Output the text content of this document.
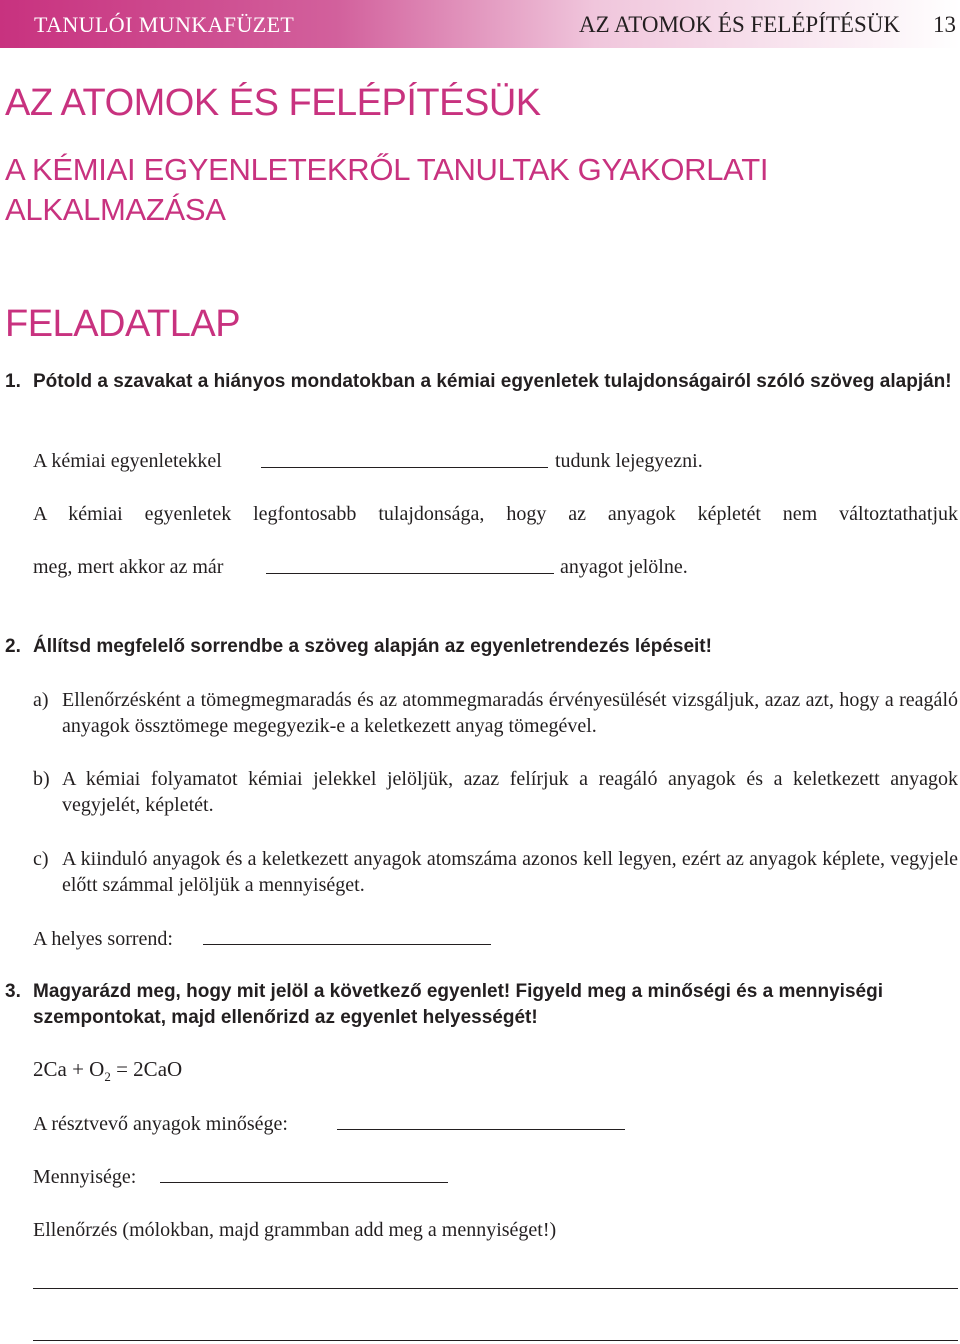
TANULÓI MUNKAFÜZET	AZ ATOMOK ÉS FELÉPÍTÉSÜK 13
AZ ATOMOK ÉS FELÉPÍTÉSÜK
A KÉMIAI EGYENLETEKRŐL TANULTAK GYAKORLATI ALKALMAZÁSA
FELADATLAP
1. Pótold a szavakat a hiányos mondatokban a kémiai egyenletek tulajdonságairól szóló szöveg alapján!
A kémiai egyenletekkel	tudunk lejegyezni.
A kémiai egyenletek legfontosabb tulajdonsága, hogy az anyagok képletét nem változtathatjuk
meg, mert akkor az már	anyagot jelölne.
2. Állítsd megfelelő sorrendbe a szöveg alapján az egyenletrendezés lépéseit!
a) Ellenőrzésként a tömegmegmaradás és az atommegmaradás érvényesülését vizsgáljuk, azaz azt, hogy a reagáló anyagok össztömege megegyezik-e a keletkezett anyag tömegével.
b) A kémiai folyamatot kémiai jelekkel jelöljük, azaz felírjuk a reagáló anyagok és a keletkezett anyagok vegyjelét, képletét.
c) A kiinduló anyagok és a keletkezett anyagok atomszáma azonos kell legyen, ezért az anyagok képlete, vegyjele előtt számmal jelöljük a mennyiséget.
A helyes sorrend:
3. Magyarázd meg, hogy mit jelöl a következő egyenlet! Figyeld meg a minőségi és a mennyiségi szempontokat, majd ellenőrizd az egyenlet helyességét!
$2Ca + O_2 = 2CaO$
A résztvevő anyagok minősége:
Mennyisége:
Ellenőrzés (mólokban, majd grammban add meg a mennyiséget!)
